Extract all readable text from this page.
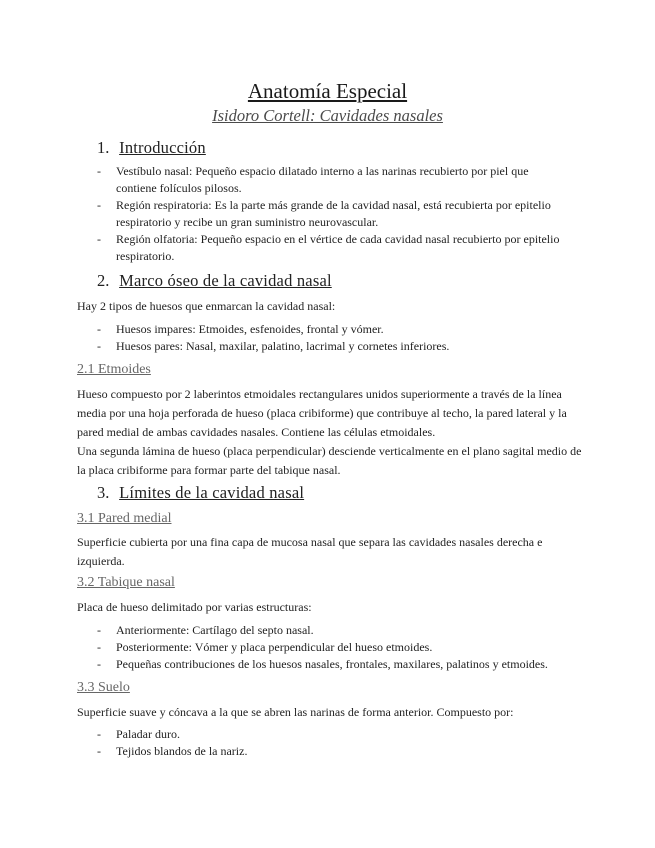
Anatomía Especial
Isidoro Cortell: Cavidades nasales
1. Introducción
- Vestíbulo nasal: Pequeño espacio dilatado interno a las narinas recubierto por piel que contiene folículos pilosos.
- Región respiratoria: Es la parte más grande de la cavidad nasal, está recubierta por epitelio respiratorio y recibe un gran suministro neurovascular.
- Región olfatoria: Pequeño espacio en el vértice de cada cavidad nasal recubierto por epitelio respiratorio.
2. Marco óseo de la cavidad nasal
Hay 2 tipos de huesos que enmarcan la cavidad nasal:
- Huesos impares: Etmoides, esfenoides, frontal y vómer.
- Huesos pares: Nasal, maxilar, palatino, lacrimal y cornetes inferiores.
2.1 Etmoides
Hueso compuesto por 2 laberintos etmoidales rectangulares unidos superiormente a través de la línea media por una hoja perforada de hueso (placa cribiforme) que contribuye al techo, la pared lateral y la pared medial de ambas cavidades nasales. Contiene las células etmoidales.
Una segunda lámina de hueso (placa perpendicular) desciende verticalmente en el plano sagital medio de la placa cribiforme para formar parte del tabique nasal.
3. Límites de la cavidad nasal
3.1 Pared medial
Superficie cubierta por una fina capa de mucosa nasal que separa las cavidades nasales derecha e izquierda.
3.2 Tabique nasal
Placa de hueso delimitado por varias estructuras:
- Anteriormente: Cartílago del septo nasal.
- Posteriormente: Vómer y placa perpendicular del hueso etmoides.
- Pequeñas contribuciones de los huesos nasales, frontales, maxilares, palatinos y etmoides.
3.3 Suelo
Superficie suave y cóncava a la que se abren las narinas de forma anterior. Compuesto por:
- Paladar duro.
- Tejidos blandos de la nariz.
